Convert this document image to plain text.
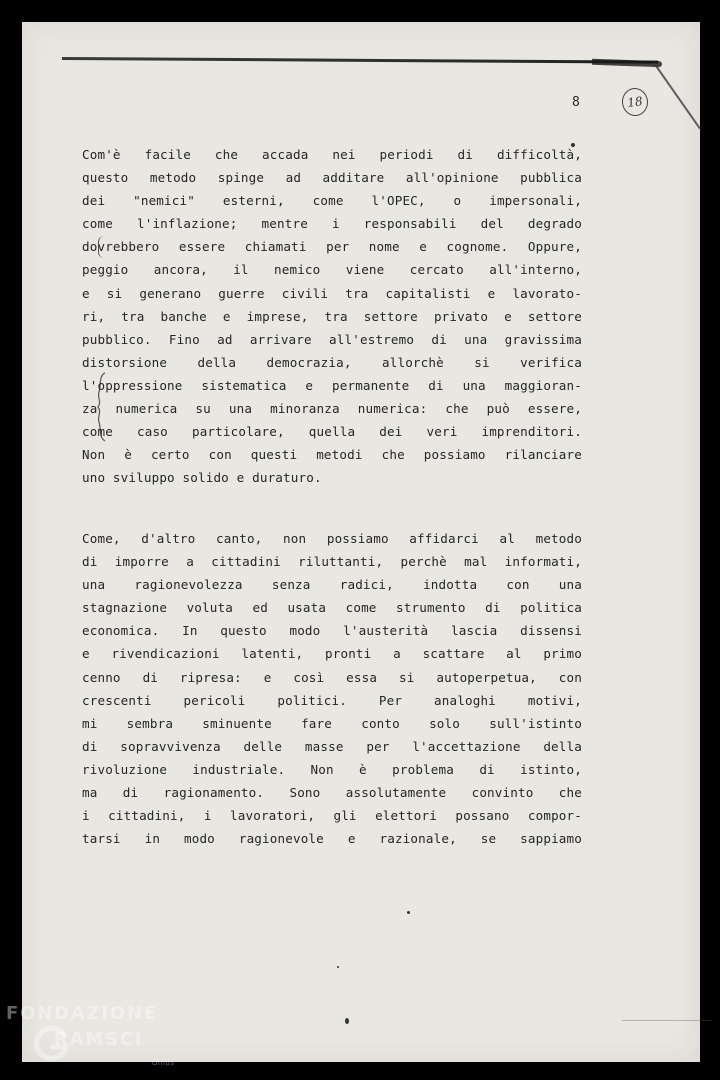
8	18
Com'è facile che accada nei periodi di difficoltà,
questo metodo spinge ad additare all'opinione pubblica
dei "nemici" esterni, come l'OPEC, o impersonali,
come l'inflazione; mentre i responsabili del degrado
dovrebbero essere chiamati per nome e cognome. Oppure,
peggio ancora, il nemico viene cercato all'interno,
e si generano guerre civili tra capitalisti e lavorato-
ri, tra banche e imprese, tra settore privato e settore
pubblico. Fino ad arrivare all'estremo di una gravissima
distorsione della democrazia, allorchè si verifica
l'oppressione sistematica e permanente di una maggioran-
za numerica su una minoranza numerica: che può essere,
come caso particolare, quella dei veri imprenditori.
Non è certo con questi metodi che possiamo rilanciare
uno sviluppo solido e duraturo.
Come, d'altro canto, non possiamo affidarci al metodo
di imporre a cittadini riluttanti, perchè mal informati,
una ragionevolezza senza radici, indotta con una
stagnazione voluta ed usata come strumento di politica
economica. In questo modo l'austerità lascia dissensi
e rivendicazioni latenti, pronti a scattare al primo
cenno di ripresa: e così essa si autoperpetua, con
crescenti pericoli politici. Per analoghi motivi,
mi sembra sminuente fare conto solo sull'istinto
di sopravvivenza delle masse per l'accettazione della
rivoluzione industriale. Non è problema di istinto,
ma di ragionamento. Sono assolutamente convinto che
i cittadini, i lavoratori, gli elettori possano compor-
tarsi in modo ragionevole e razionale, se sappiamo
FONDAZIONE
RAMSCI
Onlus
